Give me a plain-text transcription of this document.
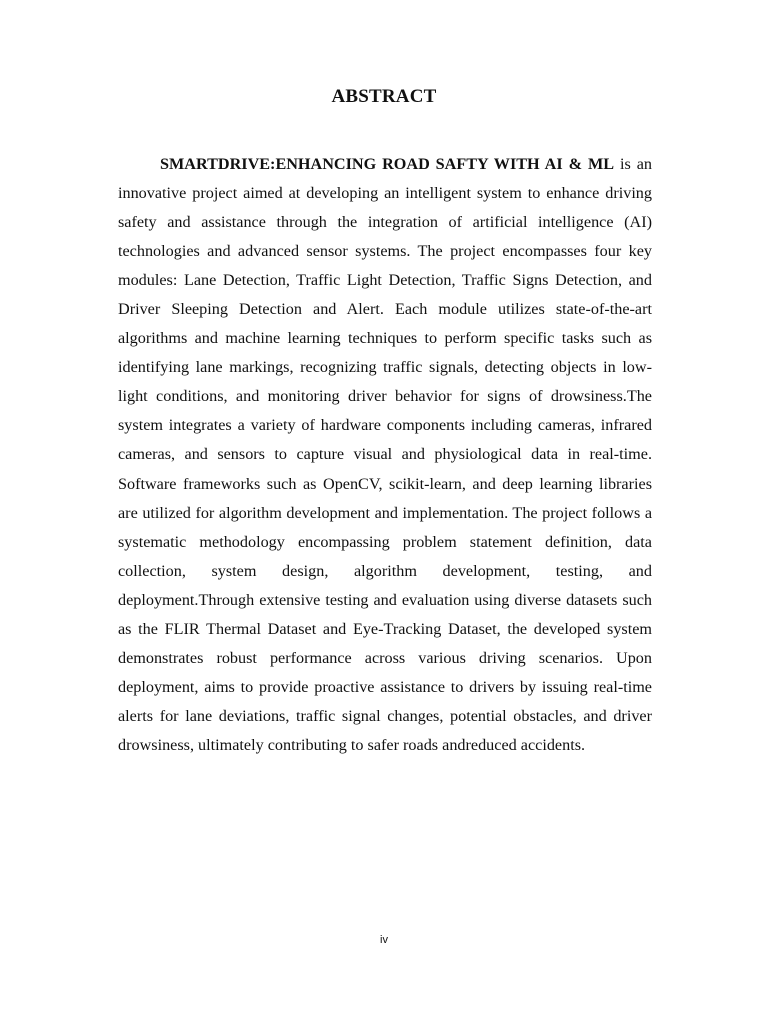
ABSTRACT

SMARTDRIVE:ENHANCING ROAD SAFTY WITH AI & ML is an innovative project aimed at developing an intelligent system to enhance driving safety and assistance through the integration of artificial intelligence (AI) technologies and advanced sensor systems. The project encompasses four key modules: Lane Detection, Traffic Light Detection, Traffic Signs Detection, and Driver Sleeping Detection and Alert. Each module utilizes state-of-the-art algorithms and machine learning techniques to perform specific tasks such as identifying lane markings, recognizing traffic signals, detecting objects in low-light conditions, and monitoring driver behavior for signs of drowsiness.The system integrates a variety of hardware components including cameras, infrared cameras, and sensors to capture visual and physiological data in real-time. Software frameworks such as OpenCV, scikit-learn, and deep learning libraries are utilized for algorithm development and implementation. The project follows a systematic methodology encompassing problem statement definition, data collection, system design, algorithm development, testing, and deployment.Through extensive testing and evaluation using diverse datasets such as the FLIR Thermal Dataset and Eye-Tracking Dataset, the developed system demonstrates robust performance across various driving scenarios. Upon deployment, aims to provide proactive assistance to drivers by issuing real-time alerts for lane deviations, traffic signal changes, potential obstacles, and driver drowsiness, ultimately contributing to safer roads andreduced accidents.

iv
